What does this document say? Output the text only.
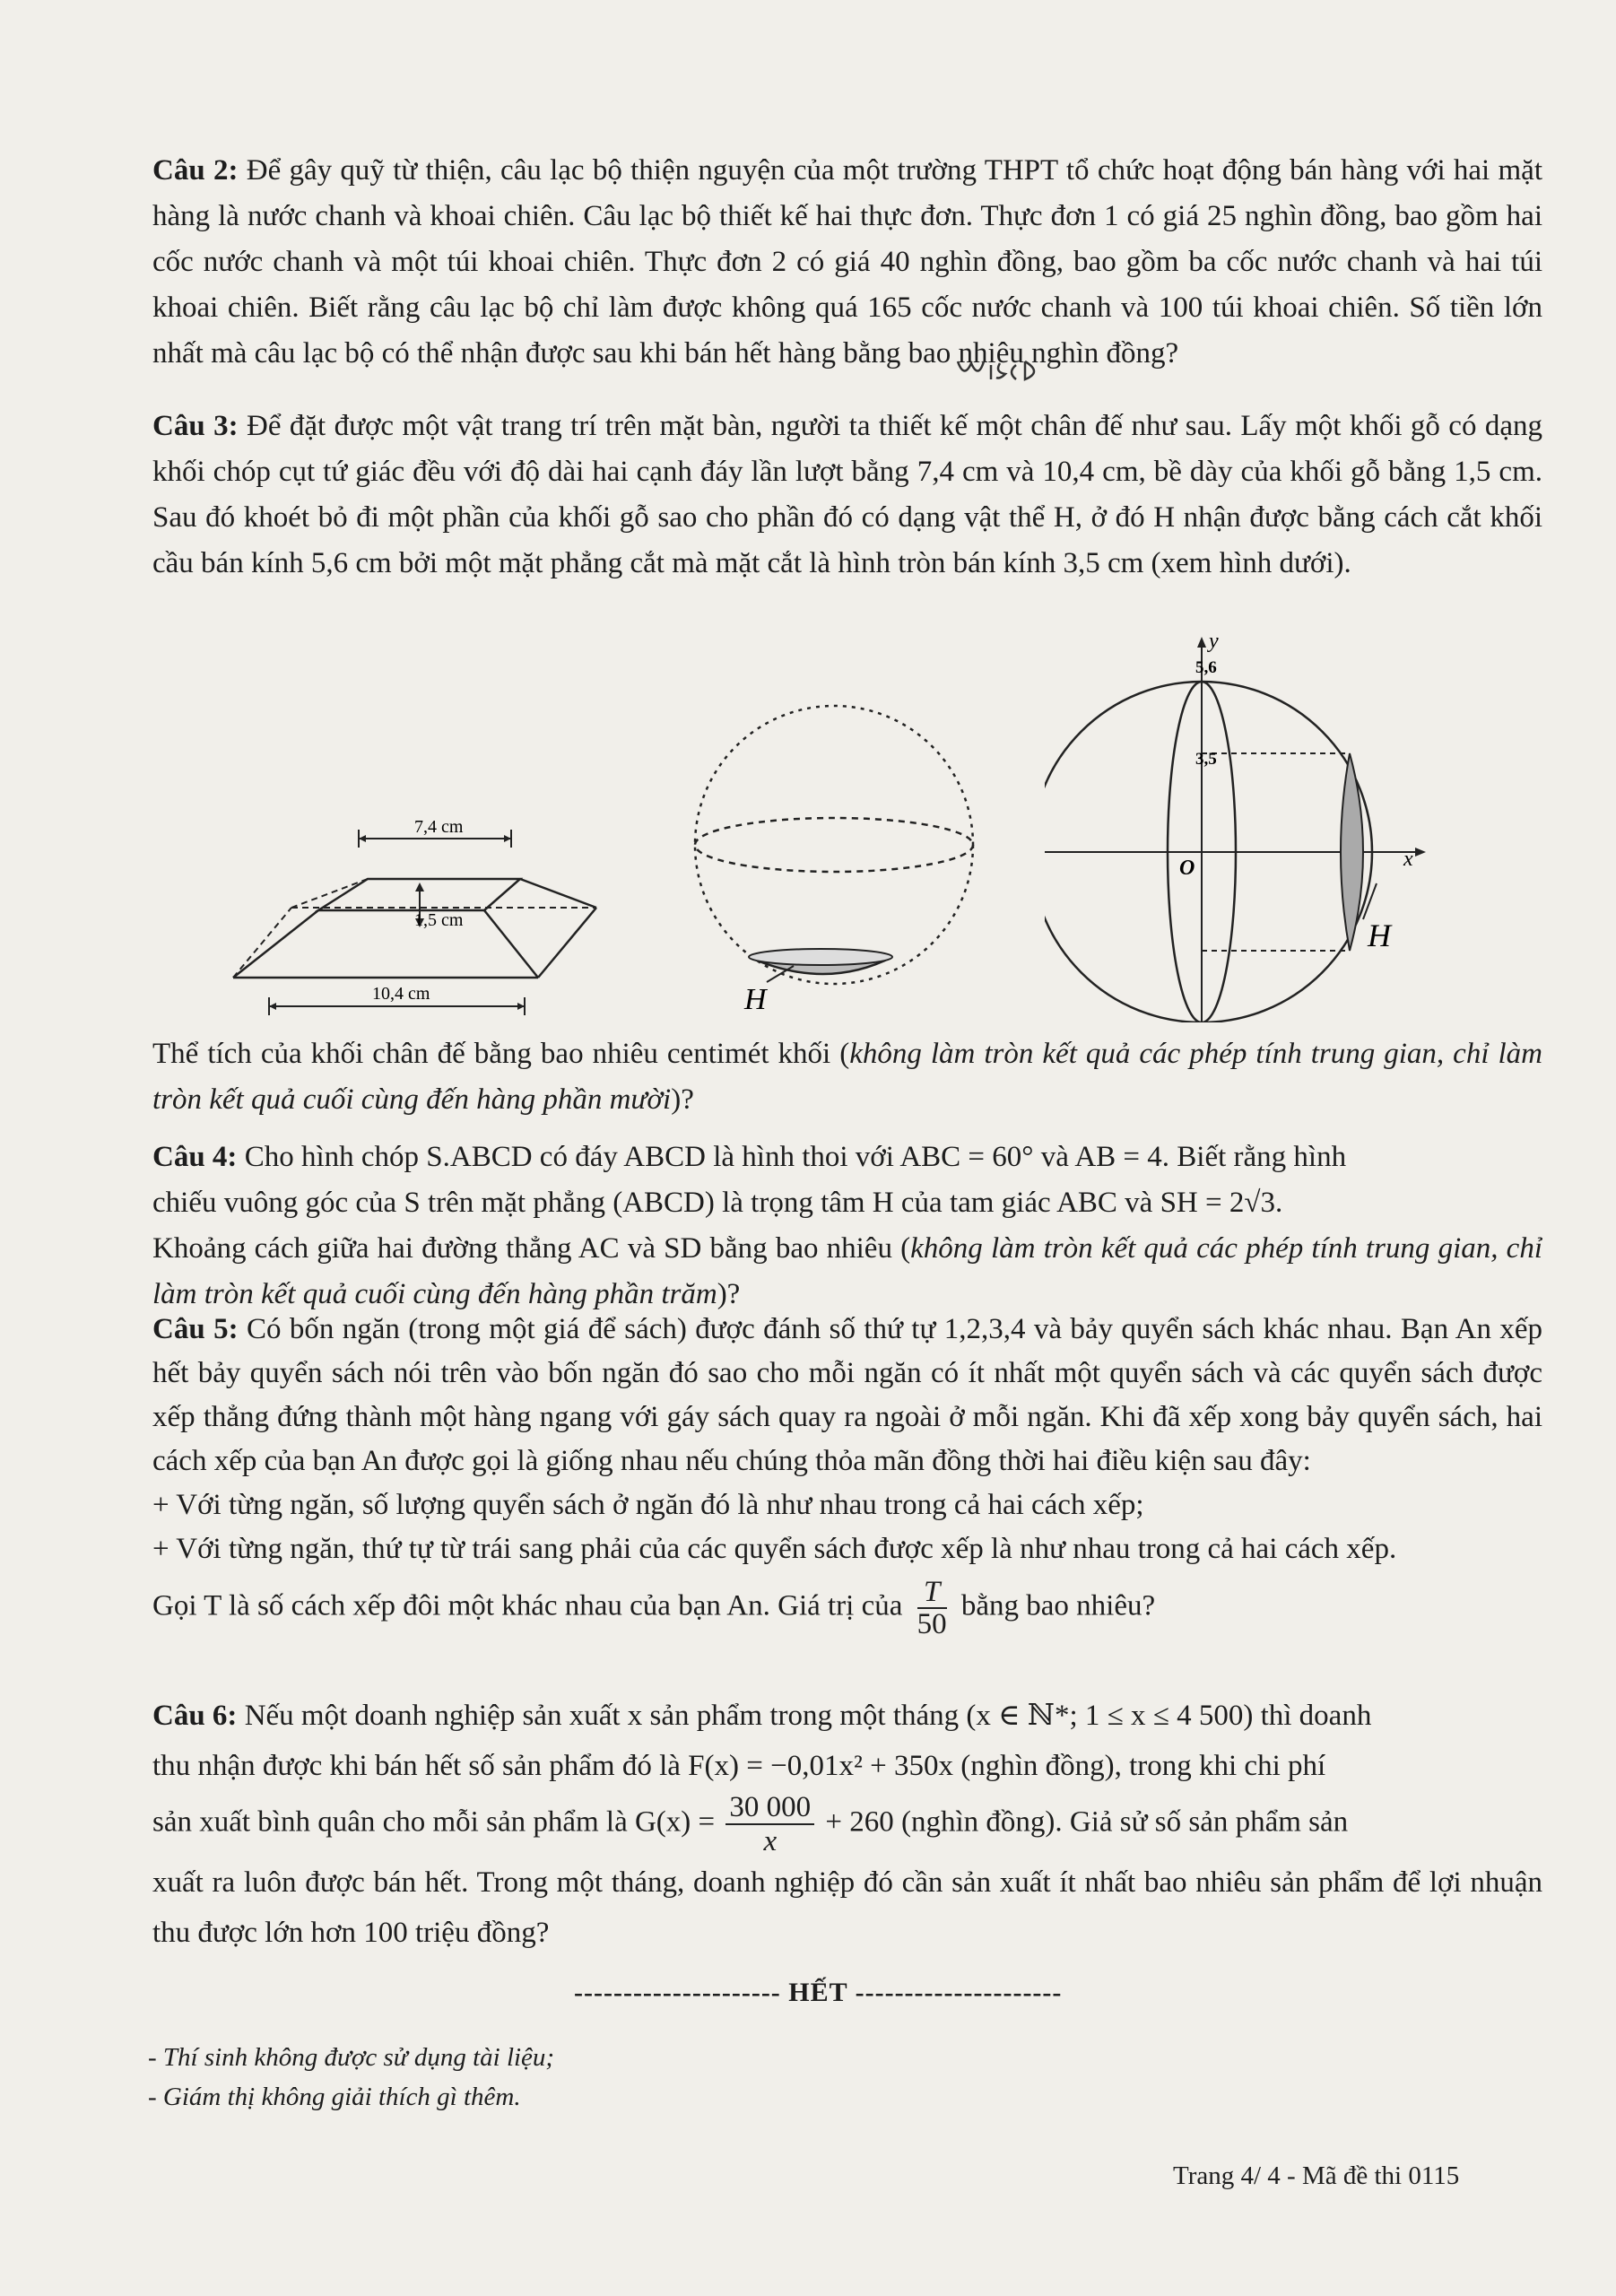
Câu 2: Để gây quỹ từ thiện, câu lạc bộ thiện nguyện của một trường THPT tổ chức hoạt động bán hàng với hai mặt hàng là nước chanh và khoai chiên. Câu lạc bộ thiết kế hai thực đơn. Thực đơn 1 có giá 25 nghìn đồng, bao gồm hai cốc nước chanh và một túi khoai chiên. Thực đơn 2 có giá 40 nghìn đồng, bao gồm ba cốc nước chanh và hai túi khoai chiên. Biết rằng câu lạc bộ chỉ làm được không quá 165 cốc nước chanh và 100 túi khoai chiên. Số tiền lớn nhất mà câu lạc bộ có thể nhận được sau khi bán hết hàng bằng bao nhiêu nghìn đồng?

Câu 3: Để đặt được một vật trang trí trên mặt bàn, người ta thiết kế một chân đế như sau. Lấy một khối gỗ có dạng khối chóp cụt tứ giác đều với độ dài hai cạnh đáy lần lượt bằng 7,4 cm và 10,4 cm, bề dày của khối gỗ bằng 1,5 cm. Sau đó khoét bỏ đi một phần của khối gỗ sao cho phần đó có dạng vật thể H, ở đó H nhận được bằng cách cắt khối cầu bán kính 5,6 cm bởi một mặt phẳng cắt mà mặt cắt là hình tròn bán kính 3,5 cm (xem hình dưới).

7,4 cm
1,5 cm
10,4 cm	H
y
x
O
5,6
3,5
H

Thể tích của khối chân đế bằng bao nhiêu centimét khối (không làm tròn kết quả các phép tính trung gian, chỉ làm tròn kết quả cuối cùng đến hàng phần mười)?

Câu 4: Cho hình chóp S.ABCD có đáy ABCD là hình thoi với ABC = 60° và AB = 4. Biết rằng hình

chiếu vuông góc của S trên mặt phẳng (ABCD) là trọng tâm H của tam giác ABC và SH = 2√3.

Khoảng cách giữa hai đường thẳng AC và SD bằng bao nhiêu (không làm tròn kết quả các phép tính trung gian, chỉ làm tròn kết quả cuối cùng đến hàng phần trăm)?

Câu 5: Có bốn ngăn (trong một giá để sách) được đánh số thứ tự 1,2,3,4 và bảy quyển sách khác nhau. Bạn An xếp hết bảy quyển sách nói trên vào bốn ngăn đó sao cho mỗi ngăn có ít nhất một quyển sách và các quyển sách được xếp thẳng đứng thành một hàng ngang với gáy sách quay ra ngoài ở mỗi ngăn. Khi đã xếp xong bảy quyển sách, hai cách xếp của bạn An được gọi là giống nhau nếu chúng thỏa mãn đồng thời hai điều kiện sau đây:

+ Với từng ngăn, số lượng quyển sách ở ngăn đó là như nhau trong cả hai cách xếp;

+ Với từng ngăn, thứ tự từ trái sang phải của các quyển sách được xếp là như nhau trong cả hai cách xếp.

Gọi T là số cách xếp đôi một khác nhau của bạn An. Giá trị của $\frac{T}{50}$ bằng bao nhiêu?

Câu 6: Nếu một doanh nghiệp sản xuất x sản phẩm trong một tháng (x ∈ ℕ*; 1 ≤ x ≤ 4 500) thì doanh

thu nhận được khi bán hết số sản phẩm đó là F(x) = −0,01x² + 350x (nghìn đồng), trong khi chi phí

sản xuất bình quân cho mỗi sản phẩm là $G(x) = \frac{30 000}{x} + 260$ (nghìn đồng). Giả sử số sản phẩm sản

xuất ra luôn được bán hết. Trong một tháng, doanh nghiệp đó cần sản xuất ít nhất bao nhiêu sản phẩm để lợi nhuận thu được lớn hơn 100 triệu đồng?

--------------------- HẾT ---------------------
- Thí sinh không được sử dụng tài liệu;
- Giám thị không giải thích gì thêm.
Trang 4/ 4 - Mã đề thi 0115
